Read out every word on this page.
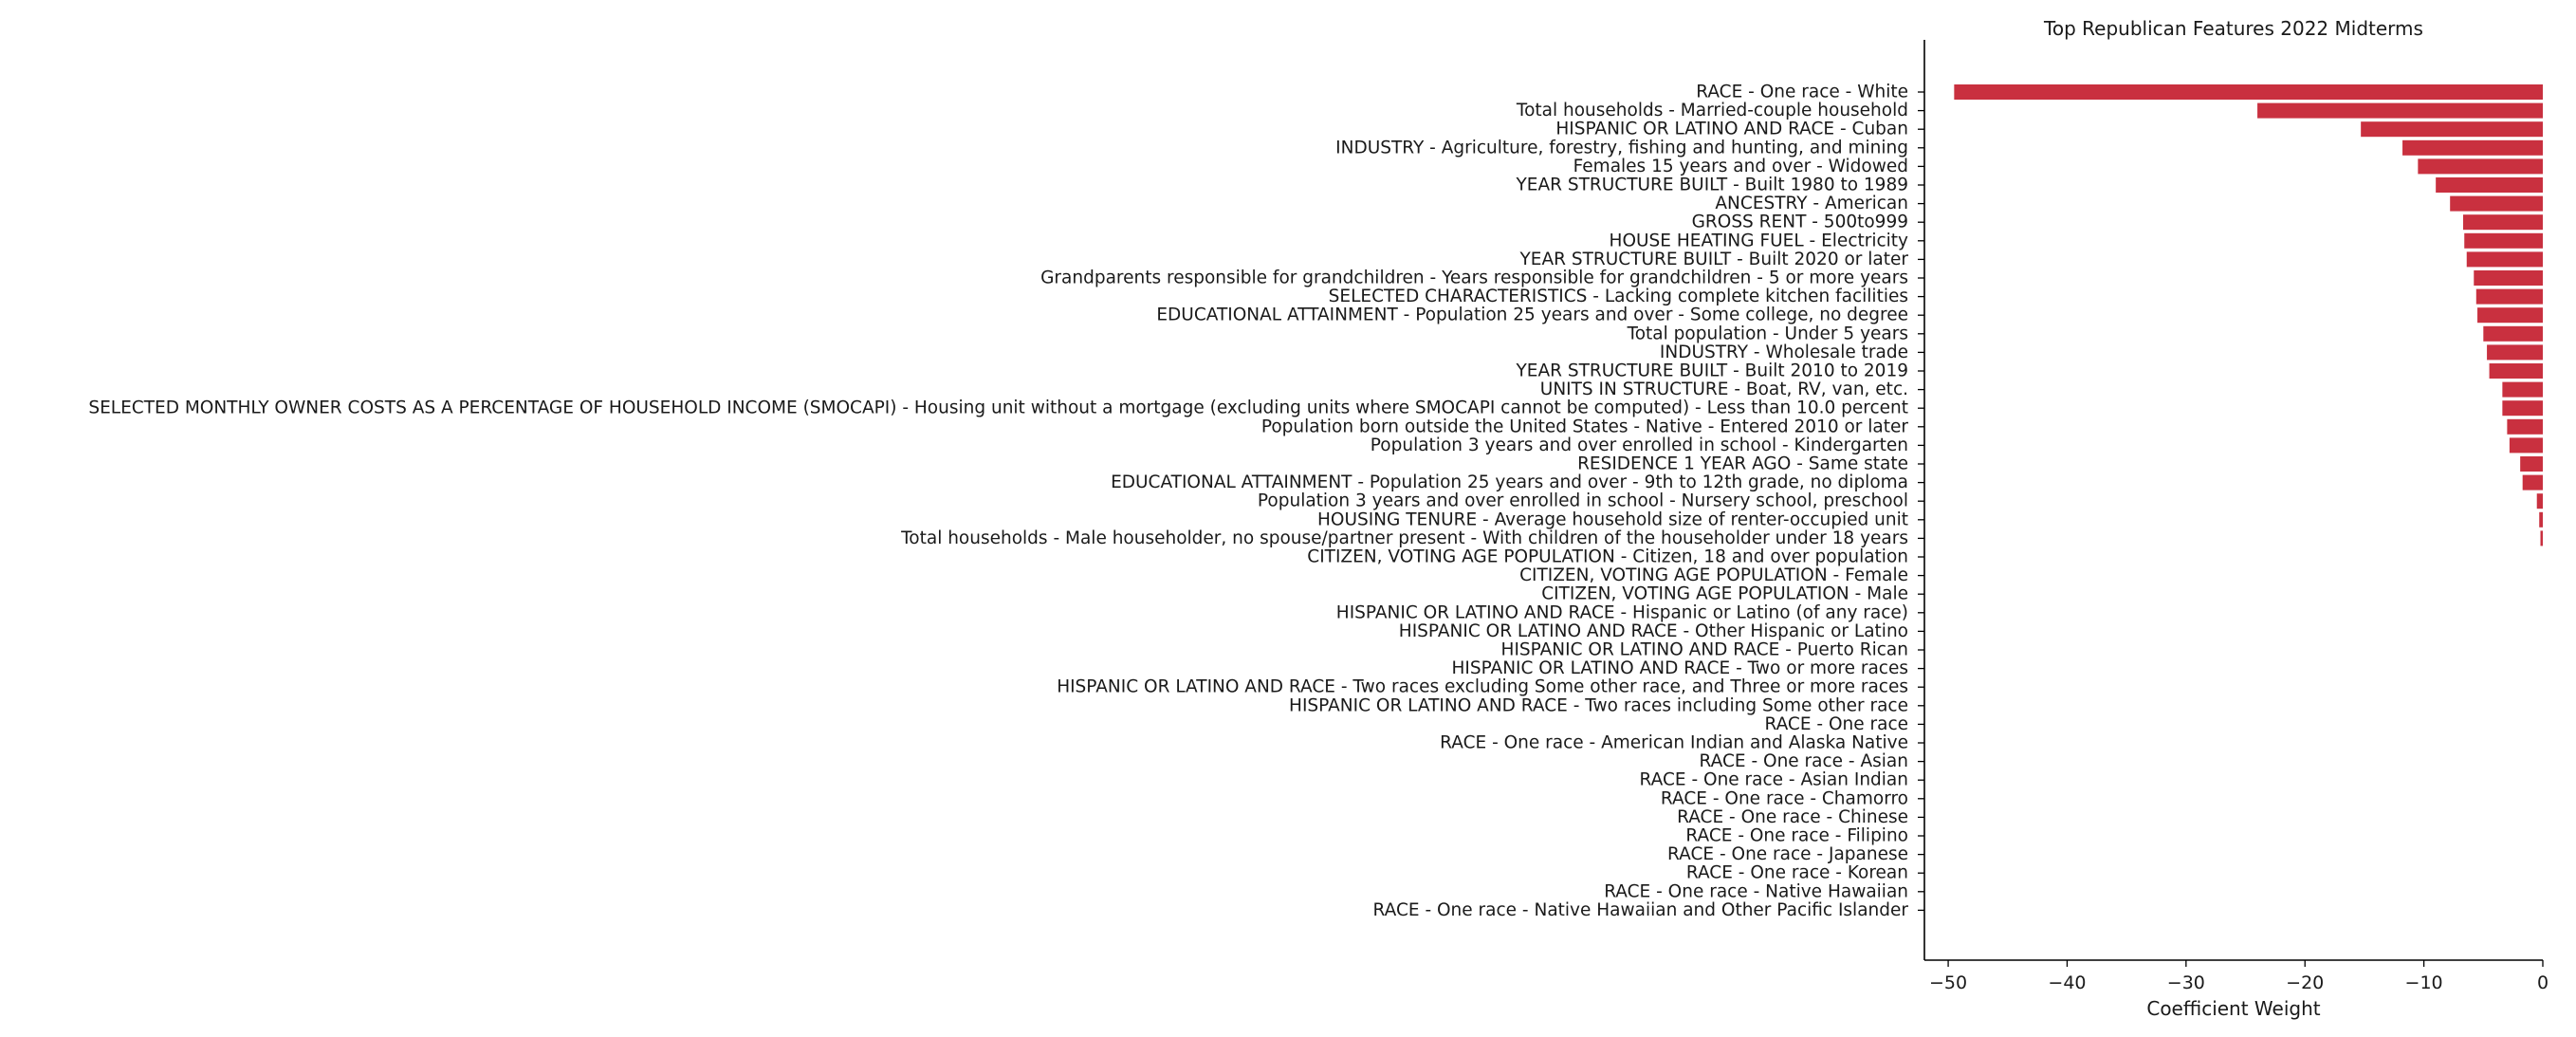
Top Republican Features 2022 Midterms
RACE - One race - White
Total households - Married-couple household
HISPANIC OR LATINO AND RACE - Cuban
INDUSTRY - Agriculture, forestry, fishing and hunting, and mining
Females 15 years and over - Widowed
YEAR STRUCTURE BUILT - Built 1980 to 1989
ANCESTRY - American
GROSS RENT - 500to999
HOUSE HEATING FUEL - Electricity
YEAR STRUCTURE BUILT - Built 2020 or later
Grandparents responsible for grandchildren - Years responsible for grandchildren - 5 or more years
SELECTED CHARACTERISTICS - Lacking complete kitchen facilities
EDUCATIONAL ATTAINMENT - Population 25 years and over - Some college, no degree
Total population - Under 5 years
INDUSTRY - Wholesale trade
YEAR STRUCTURE BUILT - Built 2010 to 2019
UNITS IN STRUCTURE - Boat, RV, van, etc.
SELECTED MONTHLY OWNER COSTS AS A PERCENTAGE OF HOUSEHOLD INCOME (SMOCAPI) - Housing unit without a mortgage (excluding units where SMOCAPI cannot be computed) - Less than 10.0 percent
Population born outside the United States - Native - Entered 2010 or later
Population 3 years and over enrolled in school - Kindergarten
RESIDENCE 1 YEAR AGO - Same state
EDUCATIONAL ATTAINMENT - Population 25 years and over - 9th to 12th grade, no diploma
Population 3 years and over enrolled in school - Nursery school, preschool
HOUSING TENURE - Average household size of renter-occupied unit
Total households - Male householder, no spouse/partner present - With children of the householder under 18 years
CITIZEN, VOTING AGE POPULATION - Citizen, 18 and over population
CITIZEN, VOTING AGE POPULATION - Female
CITIZEN, VOTING AGE POPULATION - Male
HISPANIC OR LATINO AND RACE - Hispanic or Latino (of any race)
HISPANIC OR LATINO AND RACE - Other Hispanic or Latino
HISPANIC OR LATINO AND RACE - Puerto Rican
HISPANIC OR LATINO AND RACE - Two or more races
HISPANIC OR LATINO AND RACE - Two races excluding Some other race, and Three or more races
HISPANIC OR LATINO AND RACE - Two races including Some other race
RACE - One race
RACE - One race - American Indian and Alaska Native
RACE - One race - Asian
RACE - One race - Asian Indian
RACE - One race - Chamorro
RACE - One race - Chinese
RACE - One race - Filipino
RACE - One race - Japanese
RACE - One race - Korean
RACE - One race - Native Hawaiian
RACE - One race - Native Hawaiian and Other Pacific Islander
−50	−40	−30	−20	−10	0
Coefficient Weight
